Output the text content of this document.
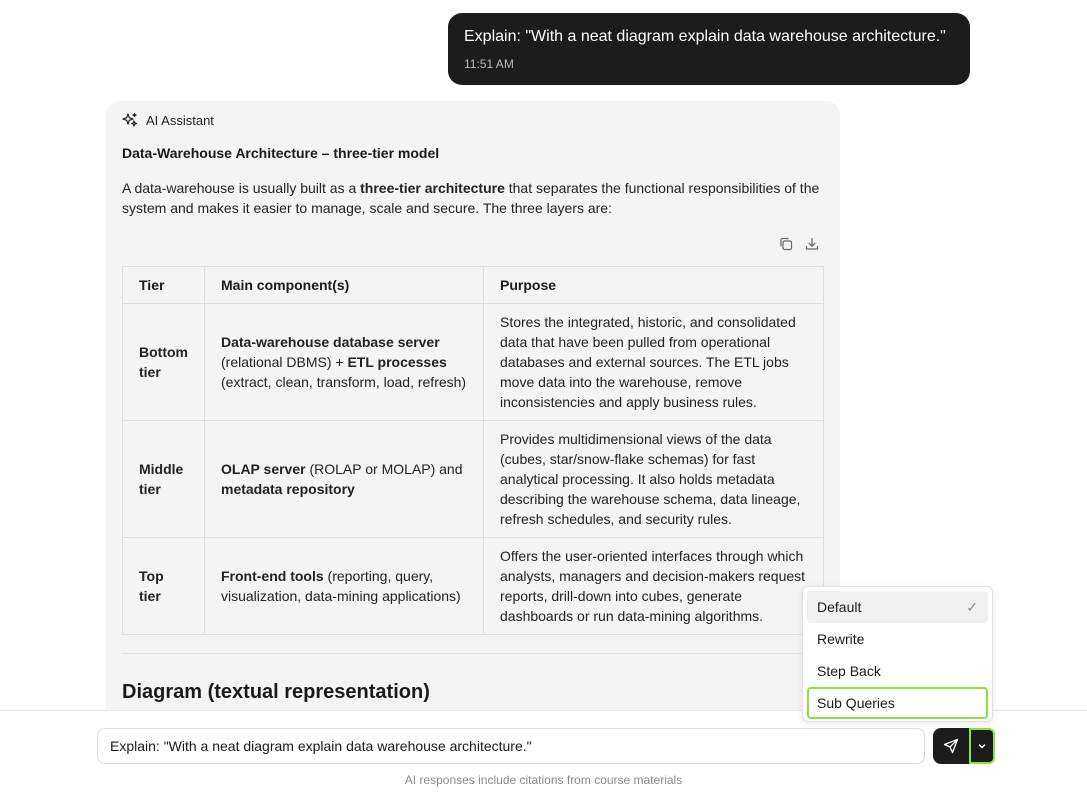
Explain: "With a neat diagram explain data warehouse architecture."
11:51 AM
AI Assistant
Data-Warehouse Architecture – three-tier model

A data-warehouse is usually built as a three-tier architecture that separates the functional responsibilities of the system and makes it easier to manage, scale and secure. The three layers are:

Tier	Main component(s)	Purpose
Bottom tier	Data-warehouse database server (relational DBMS) + ETL processes (extract, clean, transform, load, refresh)	Stores the integrated, historic, and consolidated data that have been pulled from operational databases and external sources. The ETL jobs move data into the warehouse, remove inconsistencies and apply business rules.
Middle tier	OLAP server (ROLAP or MOLAP) and metadata repository	Provides multidimensional views of the data (cubes, star/snow-flake schemas) for fast analytical processing. It also holds metadata describing the warehouse schema, data lineage, refresh schedules, and security rules.
Top tier	Front-end tools (reporting, query, visualization, data-mining applications)	Offers the user-oriented interfaces through which analysts, managers and decision-makers request reports, drill-down into cubes, generate dashboards or run data-mining algorithms.
Diagram (textual representation)
Explain: "With a neat diagram explain data warehouse architecture."
AI responses include citations from course materials
Default	✓
Rewrite
Step Back
Sub Queries
